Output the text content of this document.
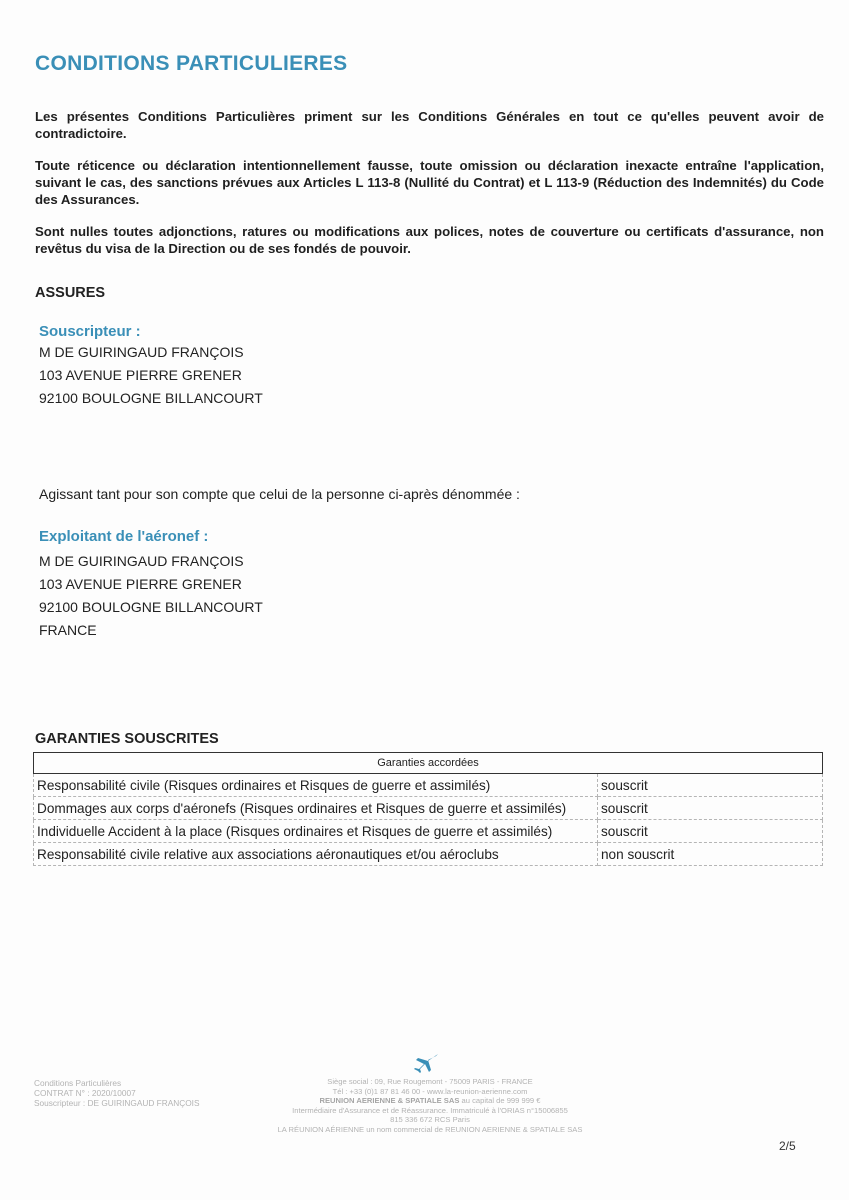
CONDITIONS PARTICULIERES
Les présentes Conditions Particulières priment sur les Conditions Générales en tout ce qu'elles peuvent avoir de contradictoire.
Toute réticence ou déclaration intentionnellement fausse, toute omission ou déclaration inexacte entraîne l'application, suivant le cas, des sanctions prévues aux Articles L 113-8 (Nullité du Contrat) et L 113-9 (Réduction des Indemnités) du Code des Assurances.
Sont nulles toutes adjonctions, ratures ou modifications aux polices, notes de couverture ou certificats d'assurance, non revêtus du visa de la Direction ou de ses fondés de pouvoir.
ASSURES
Souscripteur :
M DE GUIRINGAUD FRANÇOIS
103 AVENUE PIERRE GRENER
92100 BOULOGNE BILLANCOURT
Agissant tant pour son compte que celui de la personne ci-après dénommée :
Exploitant de l'aéronef :
M DE GUIRINGAUD FRANÇOIS
103 AVENUE PIERRE GRENER
92100 BOULOGNE BILLANCOURT
FRANCE
GARANTIES SOUSCRITES
Garanties accordées	
Responsabilité civile (Risques ordinaires et Risques de guerre et assimilés)	souscrit
Dommages aux corps d'aéronefs (Risques ordinaires et Risques de guerre et assimilés)	souscrit
Individuelle Accident à la place (Risques ordinaires et Risques de guerre et assimilés)	souscrit
Responsabilité civile relative aux associations aéronautiques et/ou aéroclubs	non souscrit
Conditions Particulières
CONTRAT N° : 2020/10007
Souscripteur : DE GUIRINGAUD FRANÇOIS
Siège social : 09, Rue Rougemont - 75009 PARIS - FRANCE
Tél : +33 (0)1 87 81 46 00 - www.la-reunion-aerienne.com
REUNION AERIENNE & SPATIALE SAS au capital de 999 999 €
Intermédiaire d'Assurance et de Réassurance. Immatriculé à l'ORIAS n°15006855
815 336 672 RCS Paris
LA RÉUNION AÉRIENNE un nom commercial de REUNION AERIENNE & SPATIALE SAS
2/5
